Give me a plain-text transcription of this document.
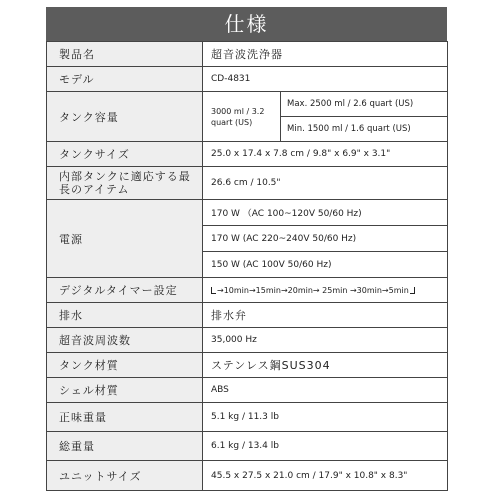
仕様
製品名	超音波洗浄器	
モデル	CD-4831	
タンク容量	3000 ml / 3.2 quart (US)	Max. 2500 ml / 2.6 quart (US)
		Min. 1500 ml / 1.6 quart (US)
タンクサイズ	25.0 x 17.4 x 7.8 cm / 9.8" x 6.9" x 3.1"	
内部タンクに適応する最長のアイテム	26.6 cm / 10.5"	
電源	170 W （AC 100~120V 50/60 Hz)	
	170 W (AC 220~240V 50/60 Hz)	
	150 W (AC 100V 50/60 Hz)	
デジタルタイマー設定	→10min→15min→20min→ 25min →30min→5min	

排水	排水弁	
超音波周波数	35,000 Hz	
タンク材質	ステンレス鋼SUS304	
シェル材質	ABS	
正味重量	5.1 kg / 11.3 lb	
総重量	6.1 kg / 13.4 lb	
ユニットサイズ	45.5 x 27.5 x 21.0 cm / 17.9" x 10.8" x 8.3"	
